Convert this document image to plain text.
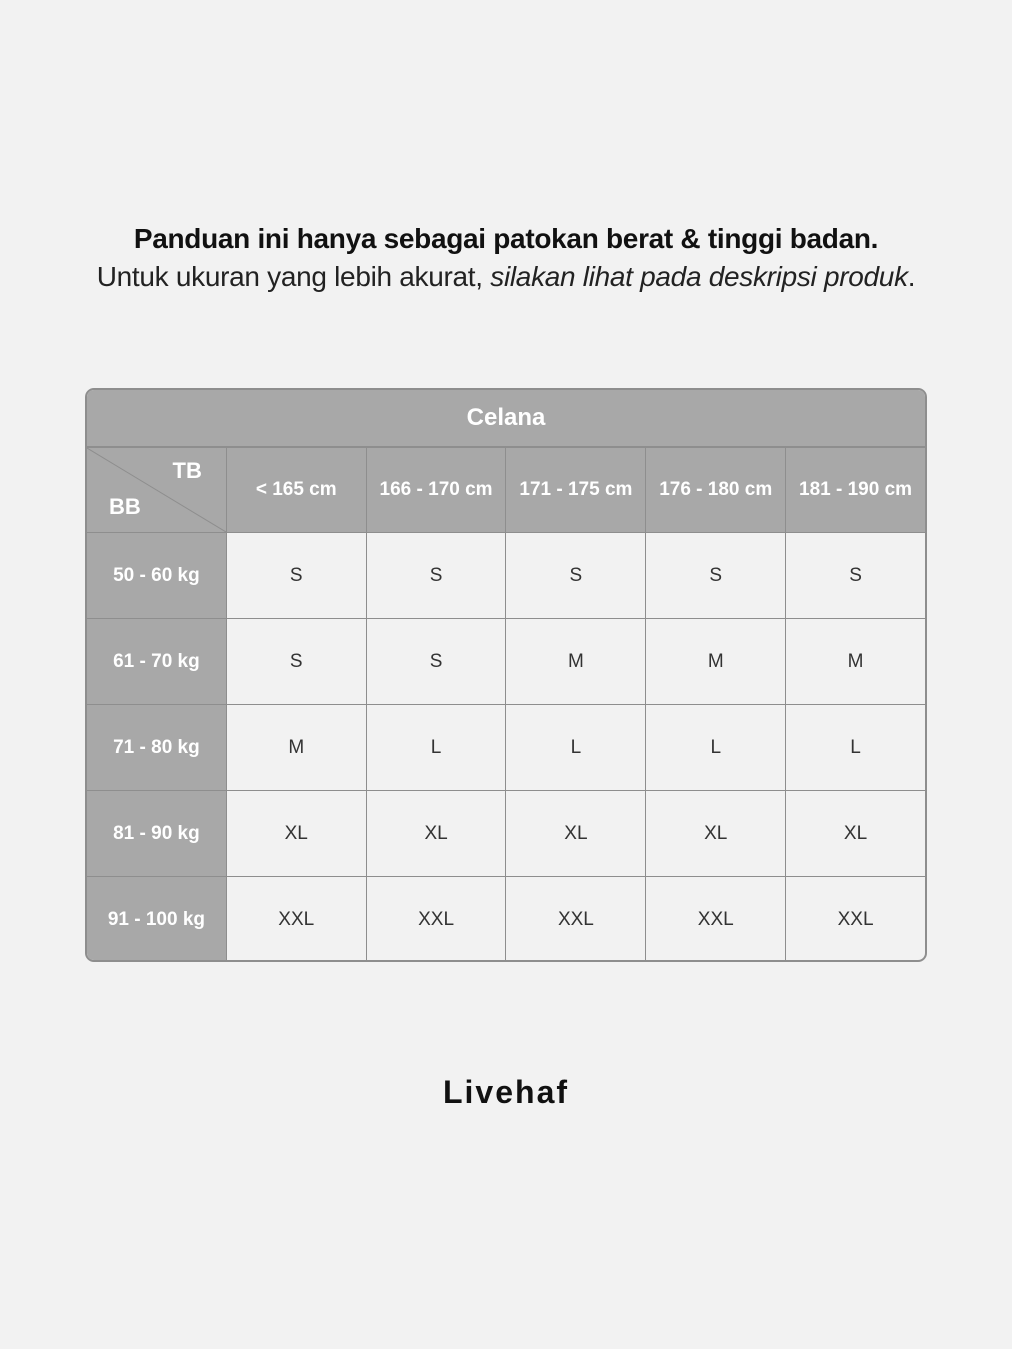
Panduan ini hanya sebagai patokan berat & tinggi badan.
Untuk ukuran yang lebih akurat, silakan lihat pada deskripsi produk.
Celana
TB
BB
< 165 cm	166 - 170 cm	171 - 175 cm	176 - 180 cm	181 - 190 cm
50 - 60 kg	S	S	S	S	S
61 - 70 kg	S	S	M	M	M
71 - 80 kg	M	L	L	L	L
81 - 90 kg	XL	XL	XL	XL	XL
91 - 100 kg	XXL	XXL	XXL	XXL	XXL
Livehaf
